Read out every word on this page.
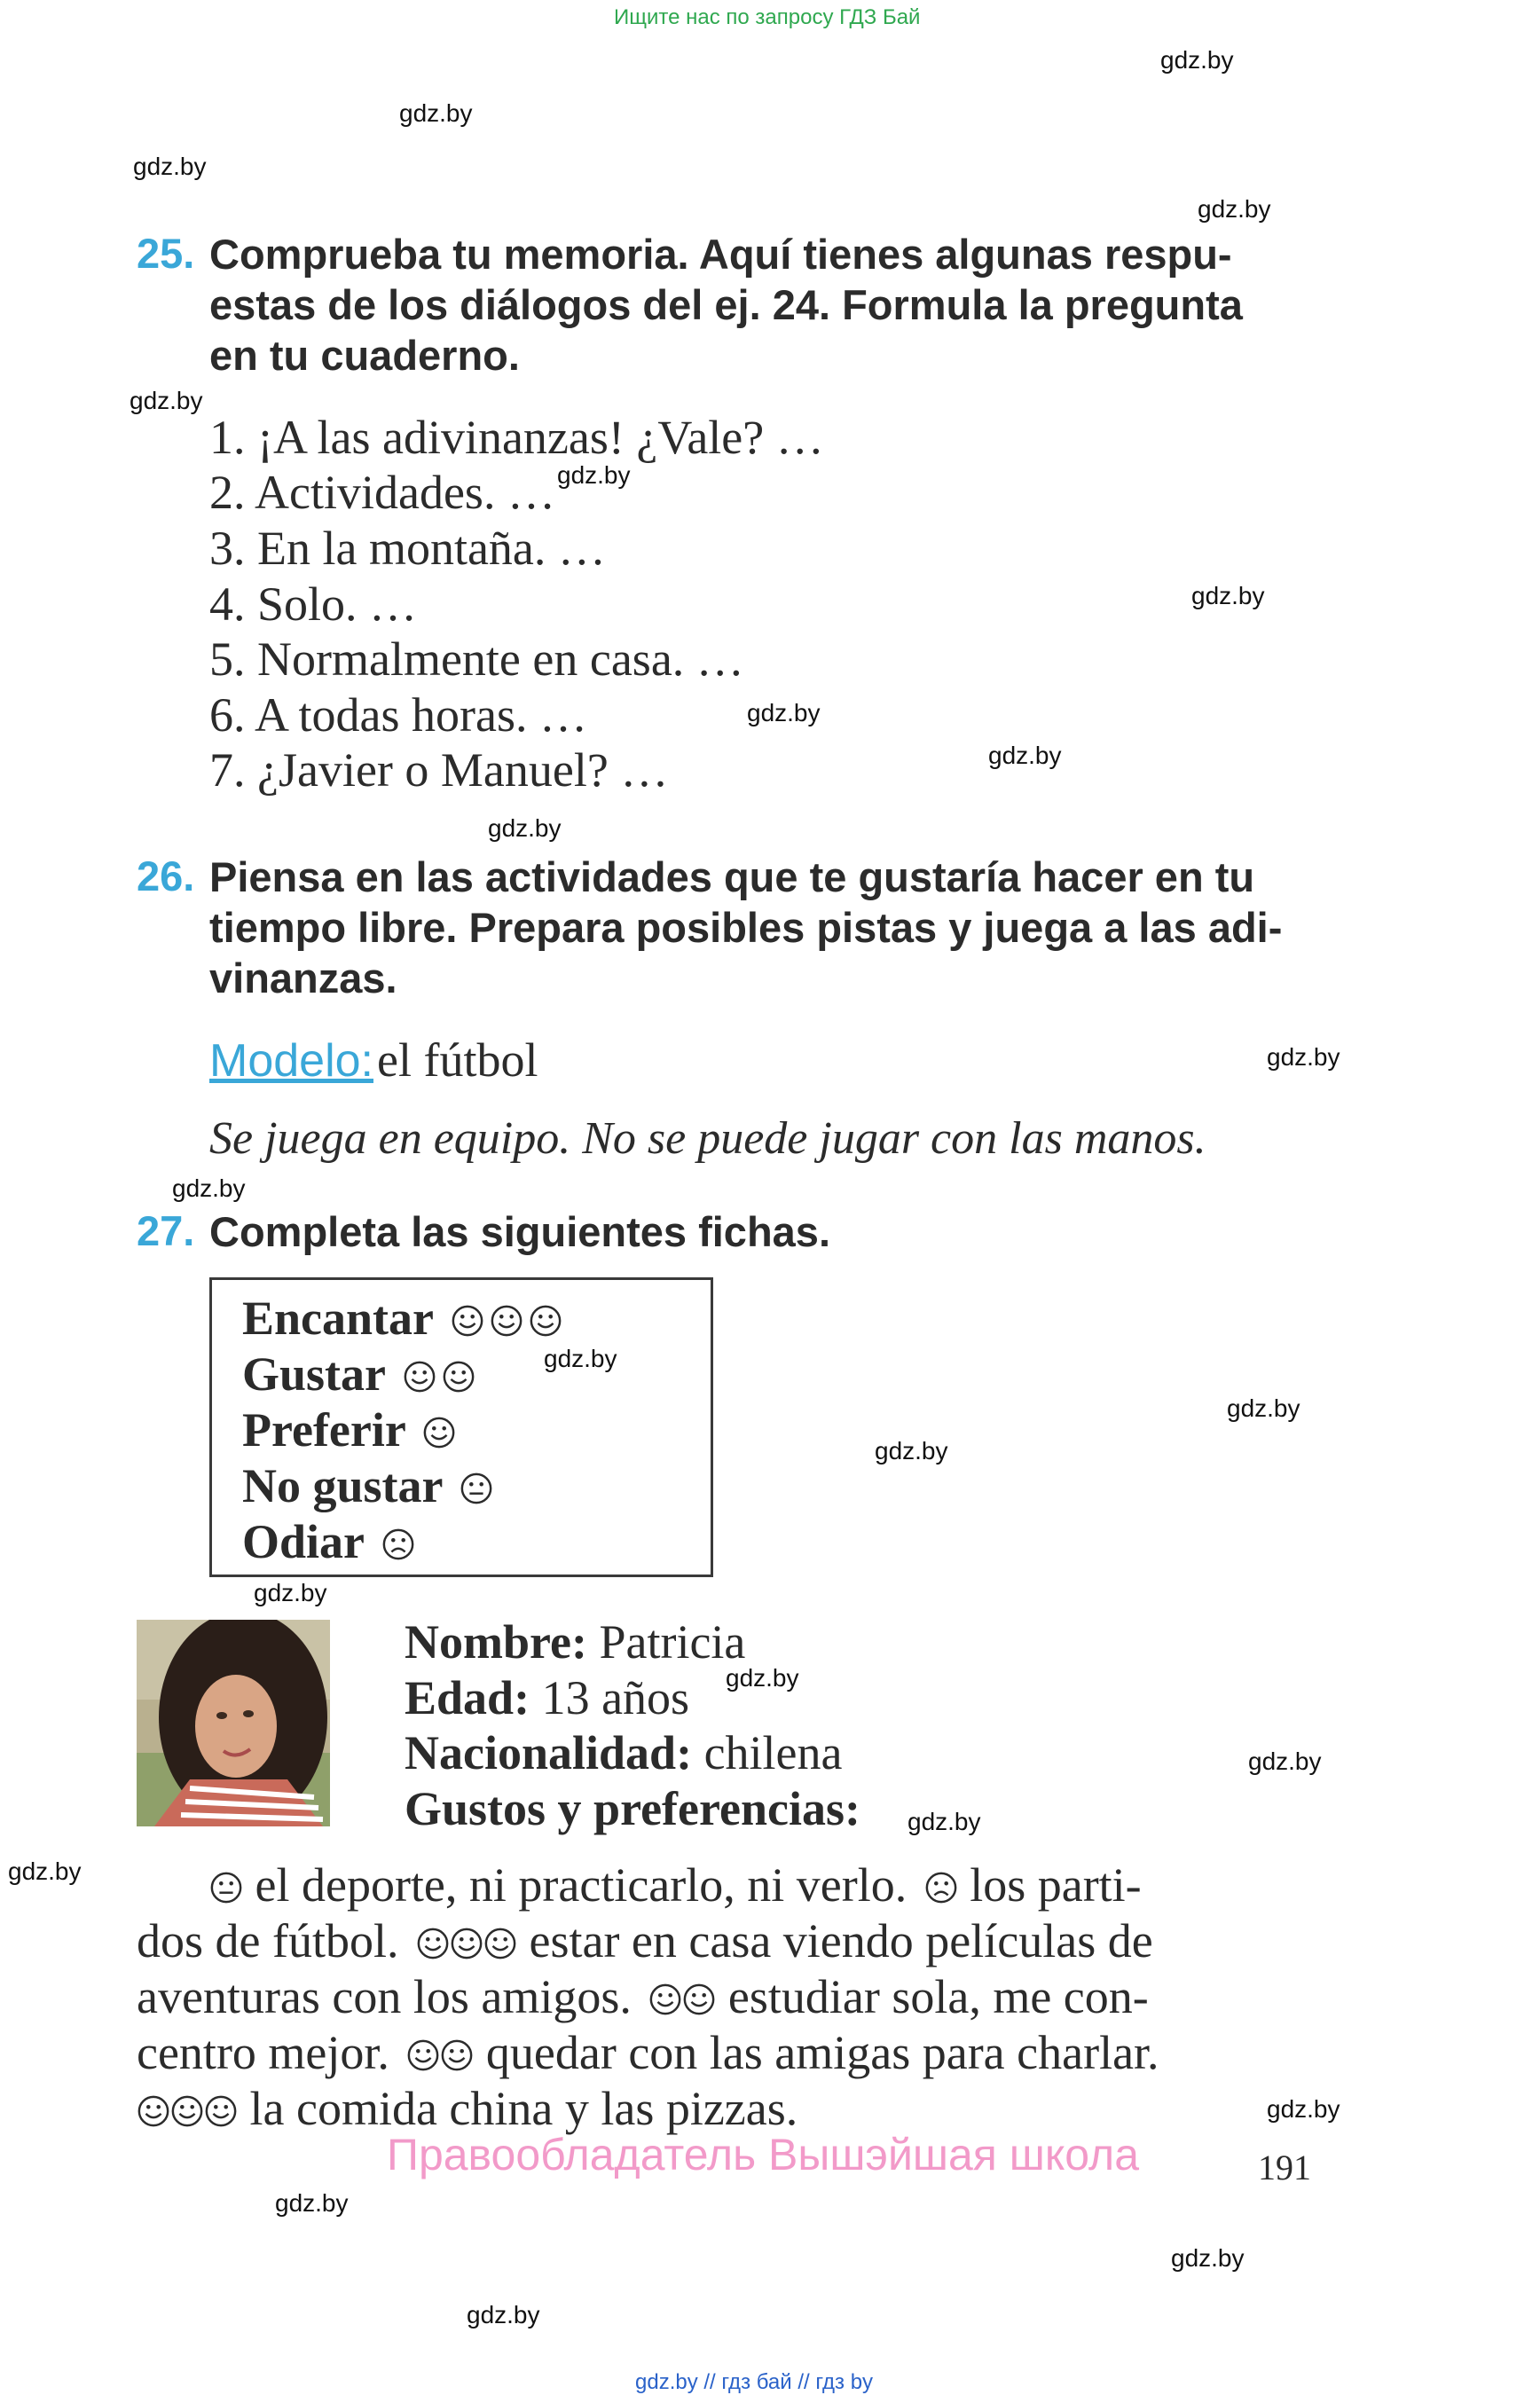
Ищите нас по запросу ГДЗ Бай
gdz.by
gdz.by
gdz.by
gdz.by
gdz.by
gdz.by
gdz.by
gdz.by
gdz.by
gdz.by
gdz.by
gdz.by
gdz.by
gdz.by
gdz.by
gdz.by
gdz.by
gdz.by
gdz.by
gdz.by
gdz.by
gdz.by
gdz.by
gdz.by
25. Comprueba tu memoria. Aquí tienes algunas respu-
estas de los diálogos del ej. 24. Formula la pregunta
en tu cuaderno.
1. ¡A las adivinanzas! ¿Vale? …
2. Actividades. …
3. En la montaña. …
4. Solo. …
5. Normalmente en casa. …
6. A todas horas. …
7. ¿Javier o Manuel? …
26. Piensa en las actividades que te gustaría hacer en tu
tiempo libre. Prepara posibles pistas y juega a las adi-
vinanzas.
Modelo: el fútbol
Se juega en equipo. No se puede jugar con las manos.
27. Completa las siguientes fichas.
Encantar
Gustar
Preferir
No gustar
Odiar
Nombre: Patricia
Edad: 13 años
Nacionalidad: chilena
Gustos y preferencias:
el deporte, ni practicarlo, ni verlo. los parti-
dos de fútbol.	estar en casa viendo películas de
aventuras con los amigos. estudiar sola, me con-
centro mejor. quedar con las amigas para charlar.
la comida china y las pizzas.
Правообладатель Вышэйшая школа	191
gdz.by // гдз бай // гдз by
